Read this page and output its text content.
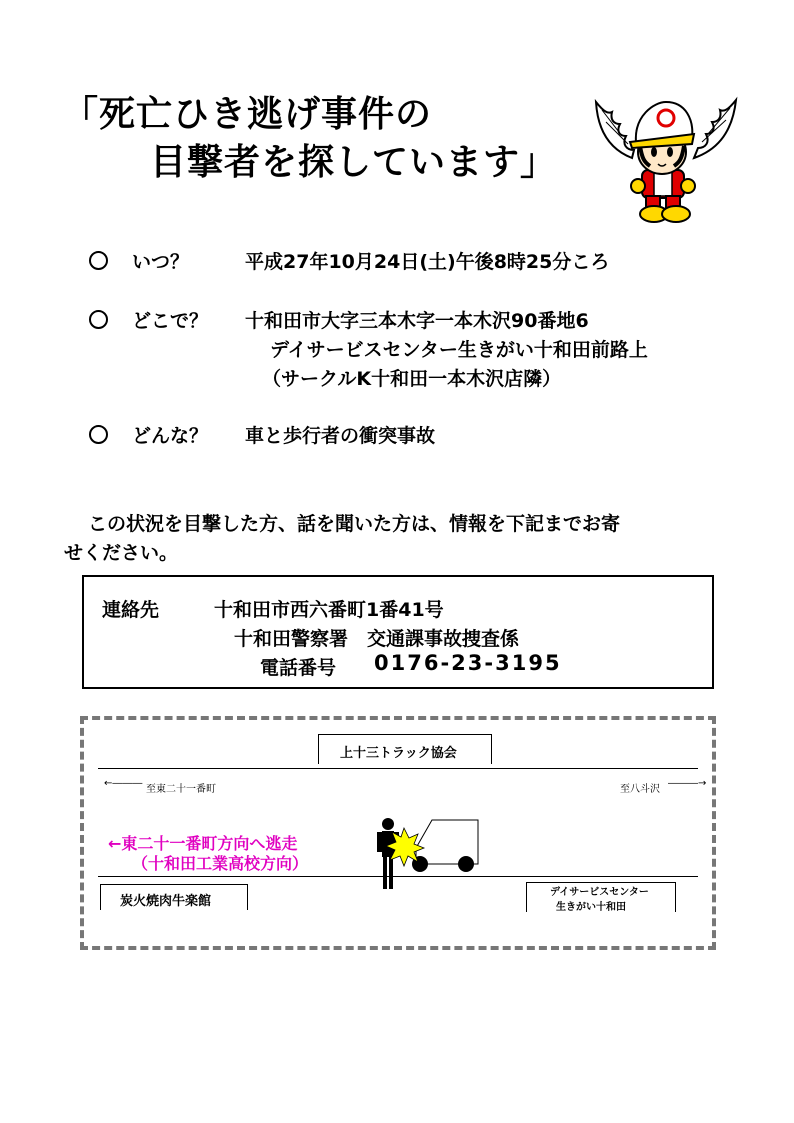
「死亡ひき逃げ事件の
目撃者を探しています」
いつ？	平成27年10月24日(土)午後8時25分ころ
どこで？ 十和田市大字三本木字一本木沢90番地6
デイサービスセンター生きがい十和田前路上
（サークルK十和田一本木沢店隣）
どんな？ 車と歩行者の衝突事故
この状況を目撃した方、話を聞いた方は、情報を下記までお寄
せください。
連絡先	十和田市西六番町1番41号
十和田警察署　交通課事故捜査係
電話番号 0176-23-3195
上十三トラック協会
←―――
至東二十一番町	至八斗沢
―――→
←東二十一番町方向へ逃走
（十和田工業高校方向）
炭火焼肉牛楽館
デイサービスセンター
生きがい十和田
